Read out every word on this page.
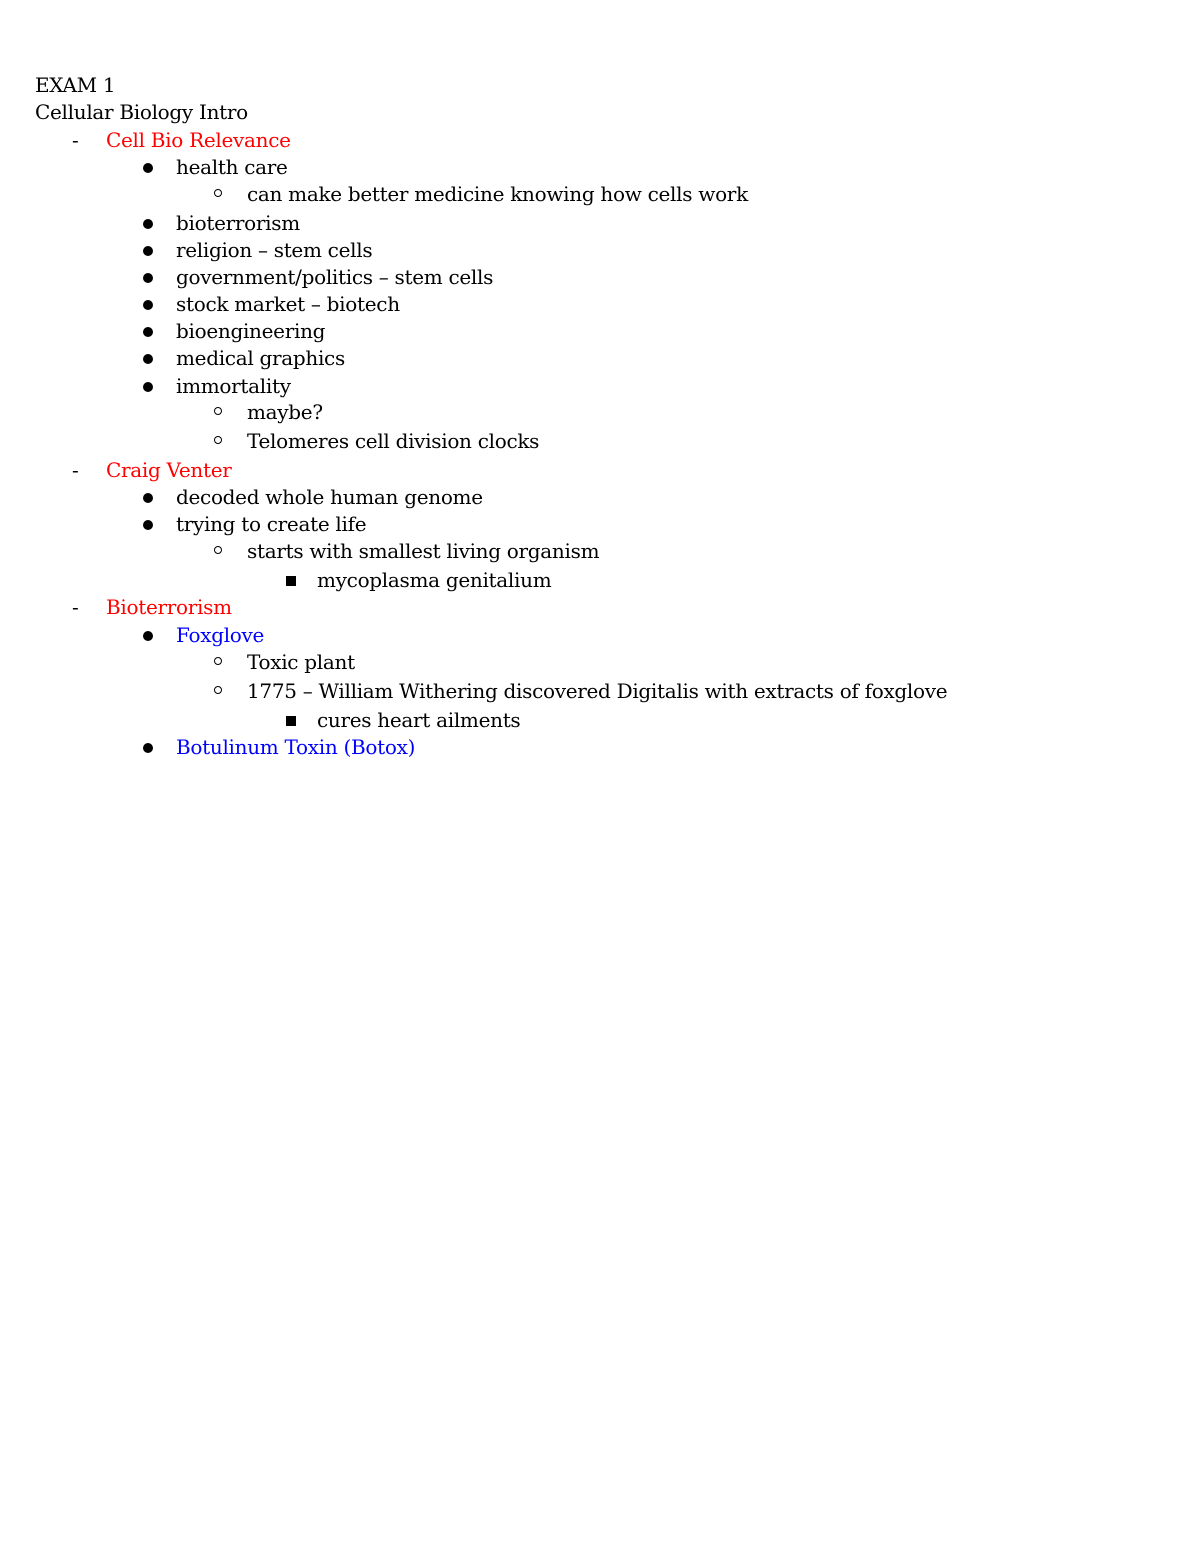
EXAM 1
Cellular Biology Intro
- Cell Bio Relevance
health care
can make better medicine knowing how cells work
bioterrorism
religion – stem cells
government/politics – stem cells
stock market – biotech
bioengineering
medical graphics
immortality
maybe?
Telomeres cell division clocks
- Craig Venter
decoded whole human genome
trying to create life
starts with smallest living organism
mycoplasma genitalium
- Bioterrorism
Foxglove
Toxic plant
1775 – William Withering discovered Digitalis with extracts of foxglove
cures heart ailments
Botulinum Toxin (Botox)
